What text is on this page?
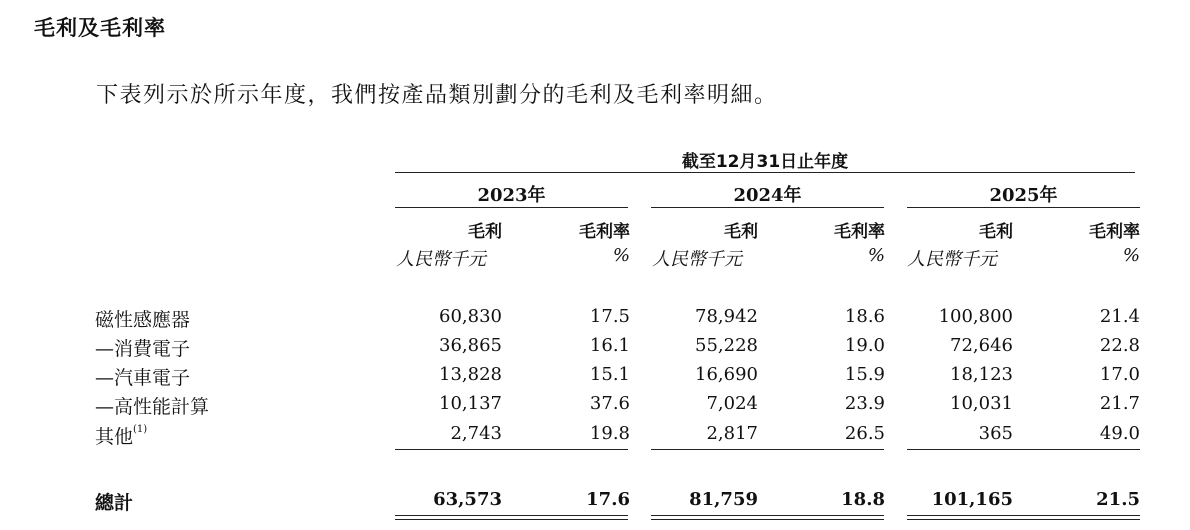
毛利及毛利率
下表列示於所示年度，我們按產品類別劃分的毛利及毛利率明細。
截至12月31日止年度
2023年	2024年	2025年
毛利	毛利率
人民幣千元	%
毛利	毛利率
人民幣千元	%
毛利	毛利率
人民幣千元	%
磁性感應器	60,830	17.5	78,942	18.6	100,800	21.4
—消費電子	36,865	16.1	55,228	19.0	72,646	22.8
—汽車電子	13,828	15.1	16,690	15.9	18,123	17.0
—高性能計算	10,137	37.6	7,024	23.9	10,031	21.7
其他$^{(1)}$	2,743	19.8	2,817	26.5	365	49.0
總計	63,573	17.6	81,759	18.8	101,165	21.5
